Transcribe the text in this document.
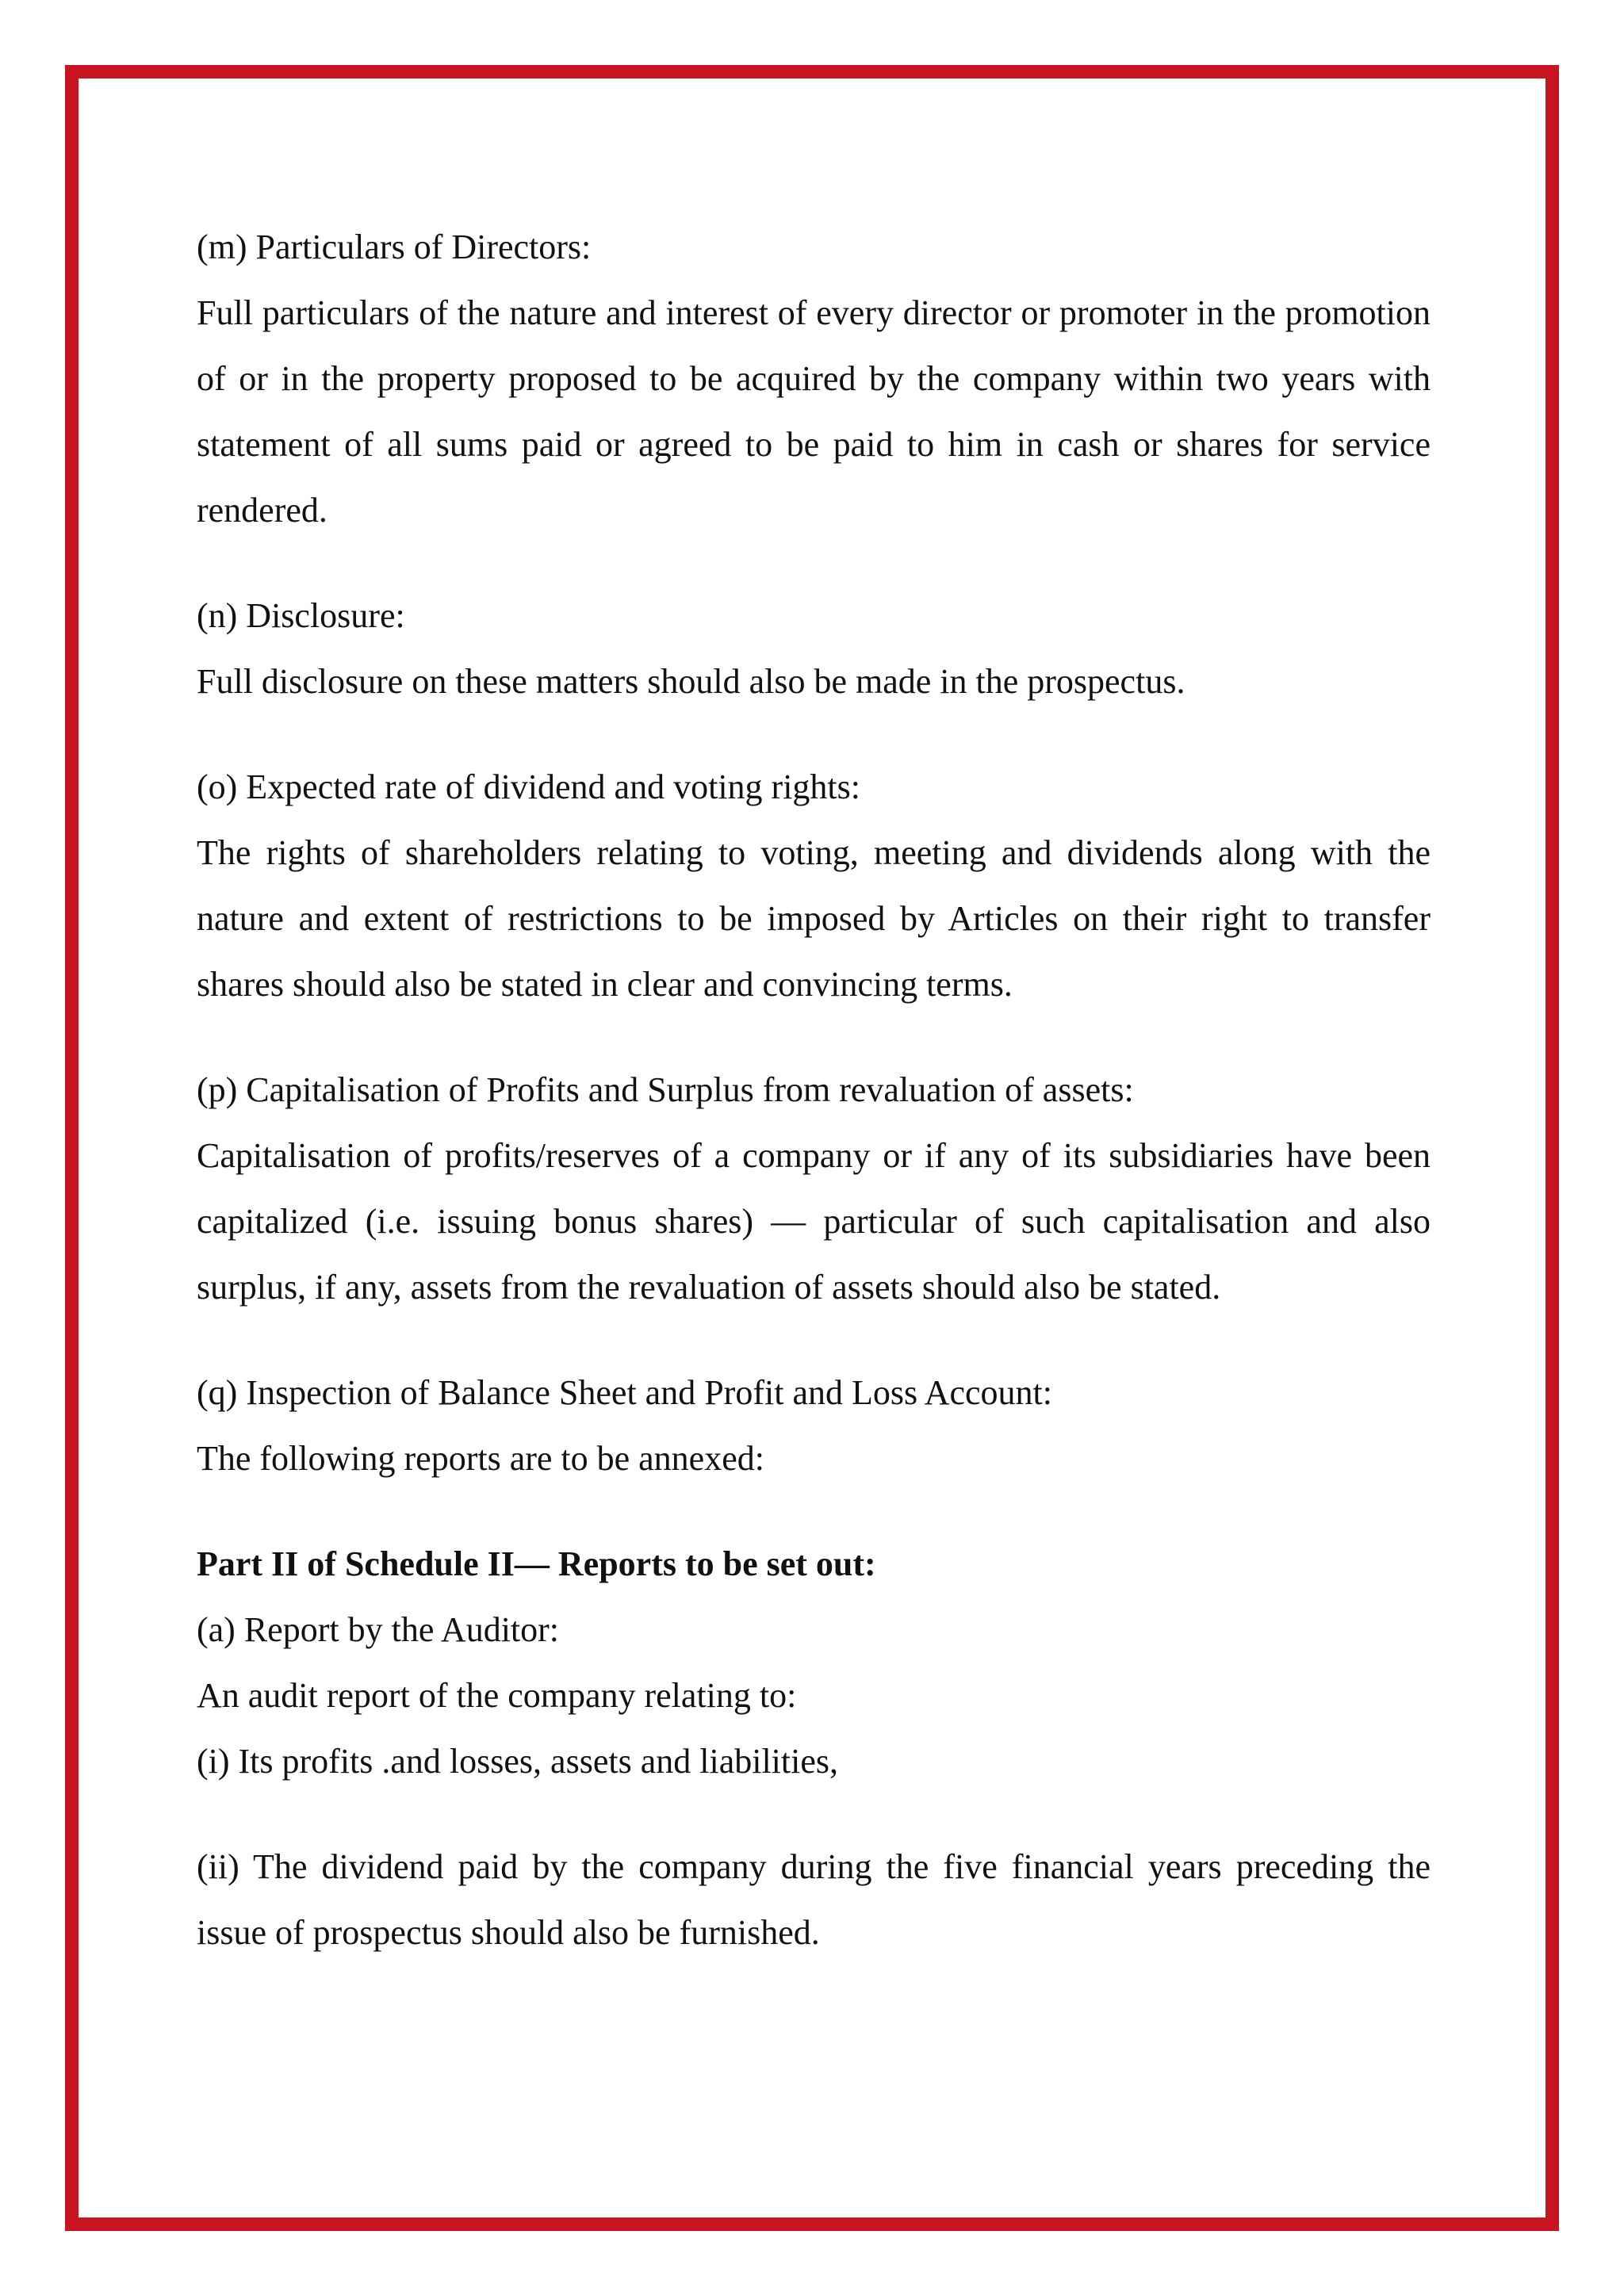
(m) Particulars of Directors:

Full particulars of the nature and interest of every director or promoter in the promotion of or in the property proposed to be acquired by the company within two years with statement of all sums paid or agreed to be paid to him in cash or shares for service rendered.

(n) Disclosure:

Full disclosure on these matters should also be made in the prospectus.

(o) Expected rate of dividend and voting rights:

The rights of shareholders relating to voting, meeting and dividends along with the nature and extent of restrictions to be imposed by Articles on their right to transfer shares should also be stated in clear and convincing terms.

(p) Capitalisation of Profits and Surplus from revaluation of assets:

Capitalisation of profits/reserves of a company or if any of its subsidiaries have been capitalized (i.e. issuing bonus shares) — particular of such capitalisation and also surplus, if any, assets from the revaluation of assets should also be stated.

(q) Inspection of Balance Sheet and Profit and Loss Account:

The following reports are to be annexed:

Part II of Schedule II— Reports to be set out:

(a) Report by the Auditor:

An audit report of the company relating to:

(i) Its profits .and losses, assets and liabilities,

(ii) The dividend paid by the company during the five financial years preceding the issue of prospectus should also be furnished.
